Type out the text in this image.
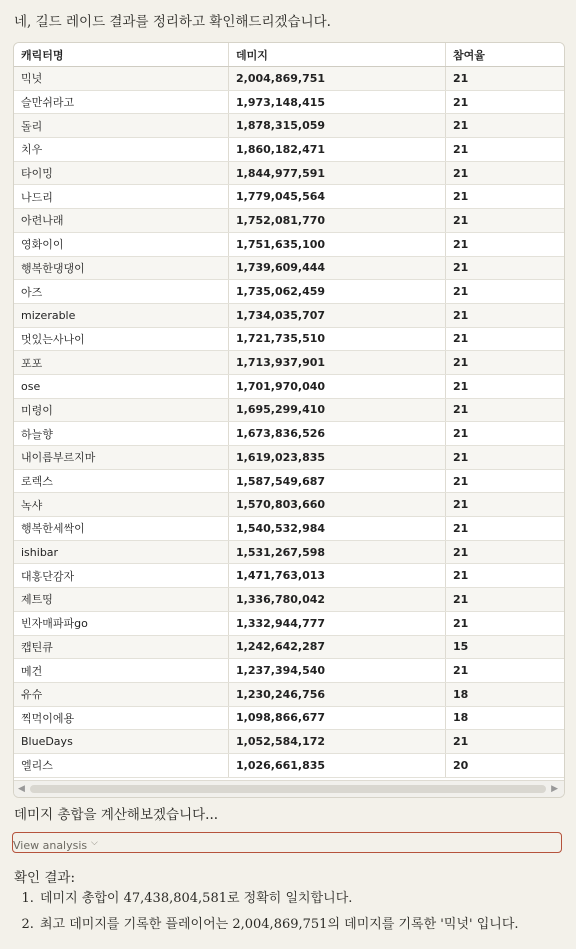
네, 길드 레이드 결과를 정리하고 확인해드리겠습니다.
캐릭터명	데미지	참여율
믹넛	2,004,869,751	21
슬만쉬라고	1,973,148,415	21
돌리	1,878,315,059	21
치우	1,860,182,471	21
타이밍	1,844,977,591	21
나드리	1,779,045,564	21
아련나래	1,752,081,770	21
영화이이	1,751,635,100	21
행복한댕댕이	1,739,609,444	21
아즈	1,735,062,459	21
mizerable	1,734,035,707	21
멋있는사나이	1,721,735,510	21
포포	1,713,937,901	21
ose	1,701,970,040	21
미령이	1,695,299,410	21
하늘향	1,673,836,526	21
내이름부르지마	1,619,023,835	21
로렉스	1,587,549,687	21
녹샤	1,570,803,660	21
행복한세싹이	1,540,532,984	21
ishibar	1,531,267,598	21
대홍단감자	1,471,763,013	21
제트띵	1,336,780,042	21
빈자매파파go	1,332,944,777	21
캡틴큐	1,242,642,287	15
메건	1,237,394,540	21
유슈	1,230,246,756	18
찍먹이에용	1,098,866,677	18
BlueDays	1,052,584,172	21
엘리스	1,026,661,835	20
◀	▶
데미지 총합을 계산해보겠습니다...
View analysis ⌵
확인 결과:
1. 데미지 총합이 47,438,804,581로 정확히 일치합니다.
2. 최고 데미지를 기록한 플레이어는 2,004,869,751의 데미지를 기록한 '믹넛' 입니다.
